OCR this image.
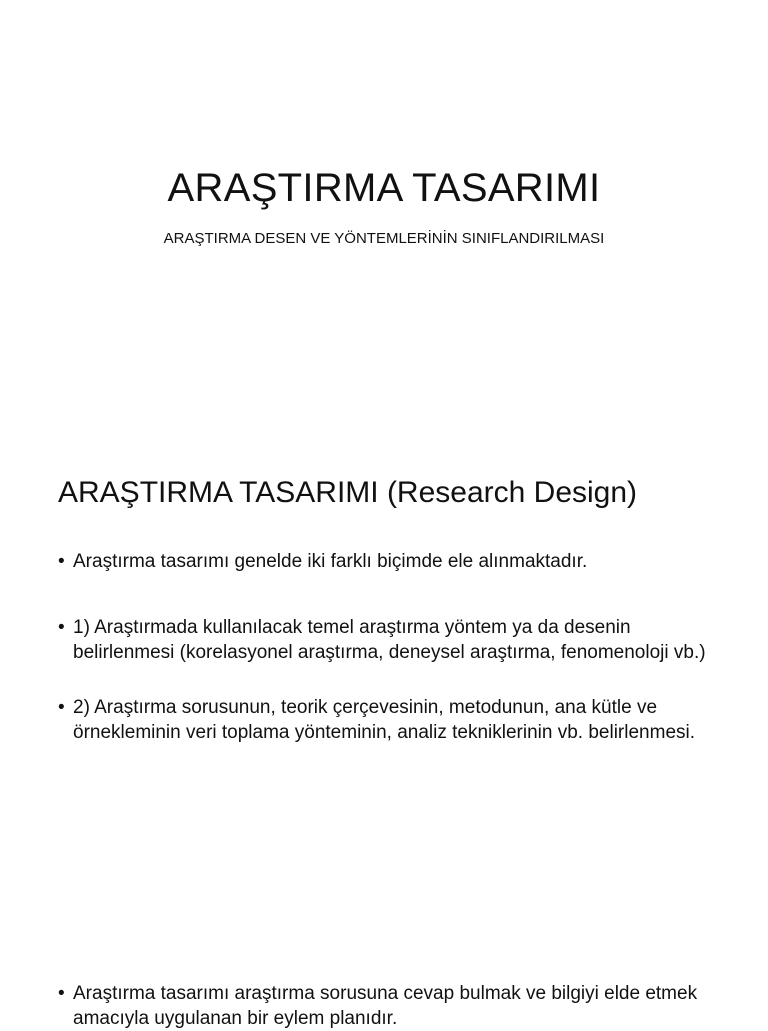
ARAŞTIRMA TASARIMI

ARAŞTIRMA DESEN VE YÖNTEMLERİNİN SINIFLANDIRILMASI

ARAŞTIRMA TASARIMI (Research Design)

• Araştırma tasarımı genelde iki farklı biçimde ele alınmaktadır.

• 1) Araştırmada kullanılacak temel araştırma yöntem ya da desenin belirlenmesi (korelasyonel araştırma, deneysel araştırma, fenomenoloji vb.)

• 2) Araştırma sorusunun, teorik çerçevesinin, metodunun, ana kütle ve örnekleminin veri toplama yönteminin, analiz tekniklerinin vb. belirlenmesi.

• Araştırma tasarımı araştırma sorusuna cevap bulmak ve bilgiyi elde etmek amacıyla uygulanan bir eylem planıdır.
